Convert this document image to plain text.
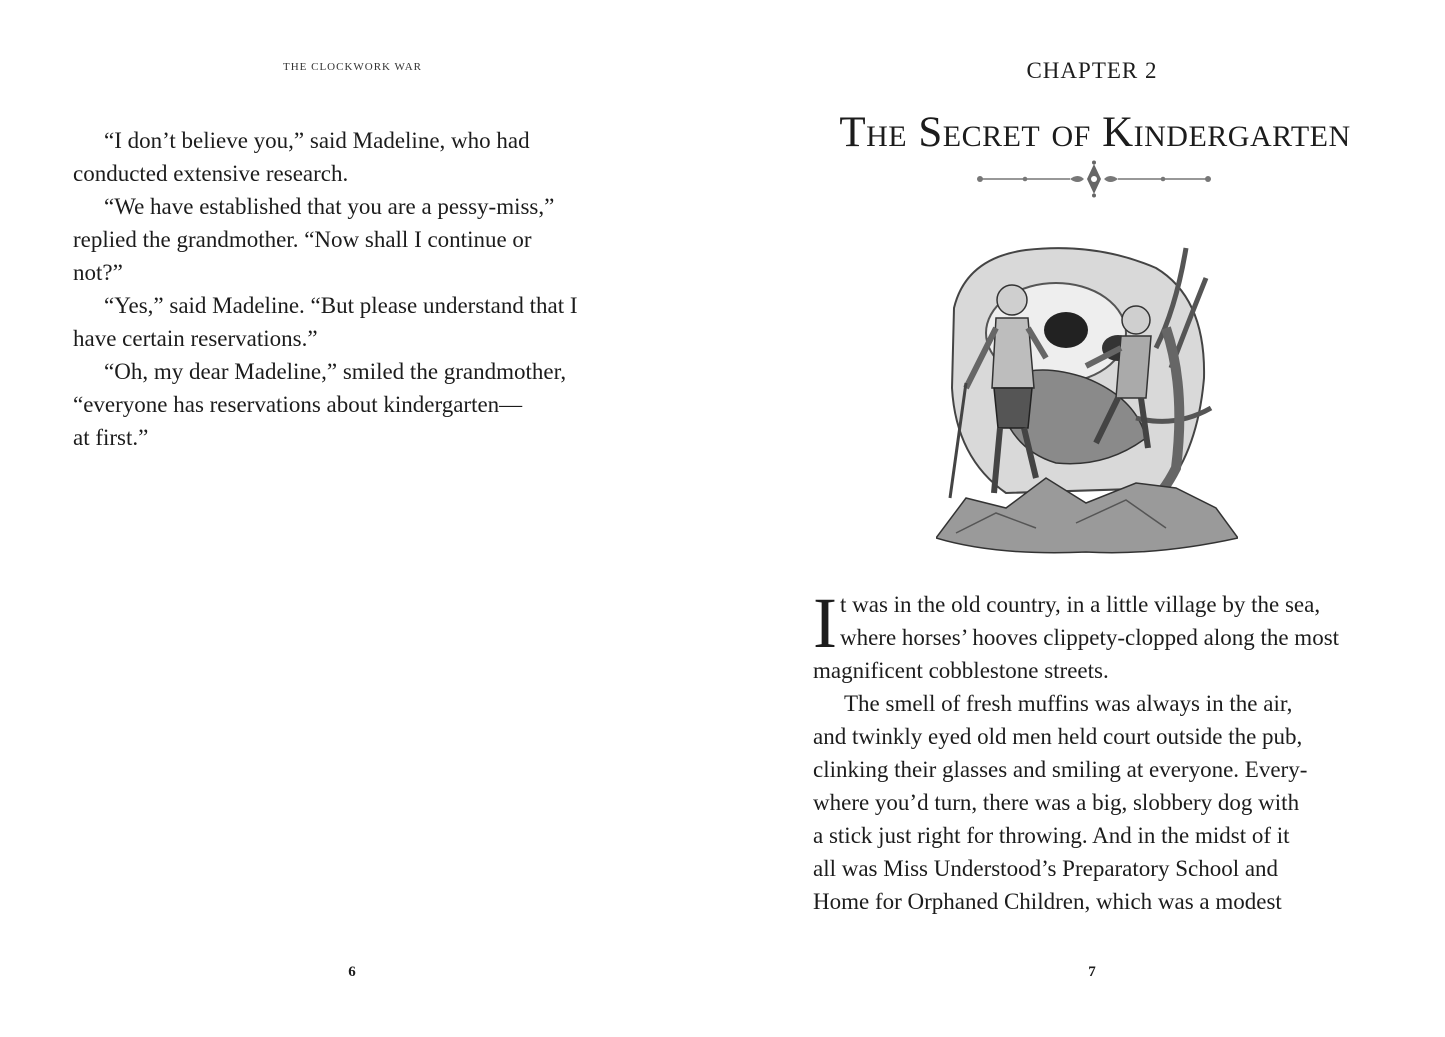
THE CLOCKWORK WAR

“I don’t believe you,” said Madeline, who had
conducted extensive research.

“We have established that you are a pessy-miss,”
replied the grandmother. “Now shall I continue or
not?”

“Yes,” said Madeline. “But please understand that I
have certain reservations.”

“Oh, my dear Madeline,” smiled the grandmother,
“everyone has reservations about kindergarten—
at first.”

6
CHAPTER 2
The Secret of Kindergarten

It was in the old country, in a little village by the sea,
where horses’ hooves clippety-clopped along the most
magnificent cobblestone streets.

The smell of fresh muffins was always in the air,
and twinkly eyed old men held court outside the pub,
clinking their glasses and smiling at everyone. Every-
where you’d turn, there was a big, slobbery dog with
a stick just right for throwing. And in the midst of it
all was Miss Understood’s Preparatory School and
Home for Orphaned Children, which was a modest

7
